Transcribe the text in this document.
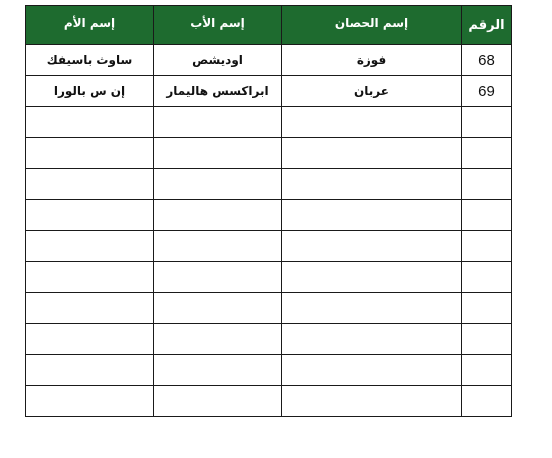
إسم الأم	إسم الأب	إسم الحصان	الرقم
ساوث باسيفك	اوديشص	فوزة	68
إن س بالورا	ابراكسس هاليمار	عربان	69
